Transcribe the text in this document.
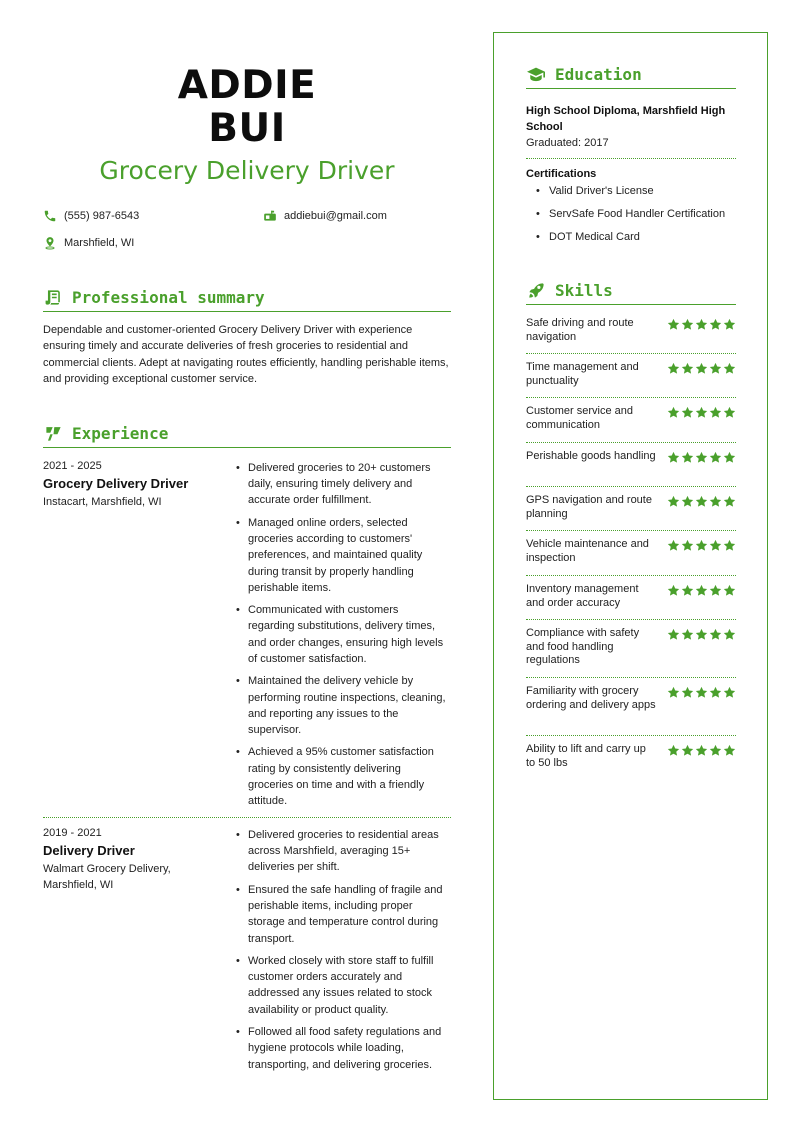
ADDIE
BUI
Grocery Delivery Driver
(555) 987-6543	addiebui@gmail.com
Marshfield, WI
Professional summary
Dependable and customer-oriented Grocery Delivery Driver with experience ensuring timely and accurate deliveries of fresh groceries to residential and commercial clients. Adept at navigating routes efficiently, handling perishable items, and providing exceptional customer service.
Experience
2021 - 2025
Grocery Delivery Driver
Instacart, Marshfield, WI
• Delivered groceries to 20+ customers daily, ensuring timely delivery and accurate order fulfillment.
• Managed online orders, selected groceries according to customers' preferences, and maintained quality during transit by properly handling perishable items.
• Communicated with customers regarding substitutions, delivery times, and order changes, ensuring high levels of customer satisfaction.
• Maintained the delivery vehicle by performing routine inspections, cleaning, and reporting any issues to the supervisor.
• Achieved a 95% customer satisfaction rating by consistently delivering groceries on time and with a friendly attitude.
2019 - 2021
Delivery Driver
Walmart Grocery Delivery, Marshfield, WI
• Delivered groceries to residential areas across Marshfield, averaging 15+ deliveries per shift.
• Ensured the safe handling of fragile and perishable items, including proper storage and temperature control during transport.
• Worked closely with store staff to fulfill customer orders accurately and addressed any issues related to stock availability or product quality.
• Followed all food safety regulations and hygiene protocols while loading, transporting, and delivering groceries.
Education
High School Diploma, Marshfield High School
Graduated: 2017
Certifications
• Valid Driver's License
• ServSafe Food Handler Certification
• DOT Medical Card
Skills
Safe driving and route navigation
Time management and punctuality
Customer service and communication
Perishable goods handling
GPS navigation and route planning
Vehicle maintenance and inspection
Inventory management and order accuracy
Compliance with safety and food handling regulations
Familiarity with grocery ordering and delivery apps
Ability to lift and carry up to 50 lbs
